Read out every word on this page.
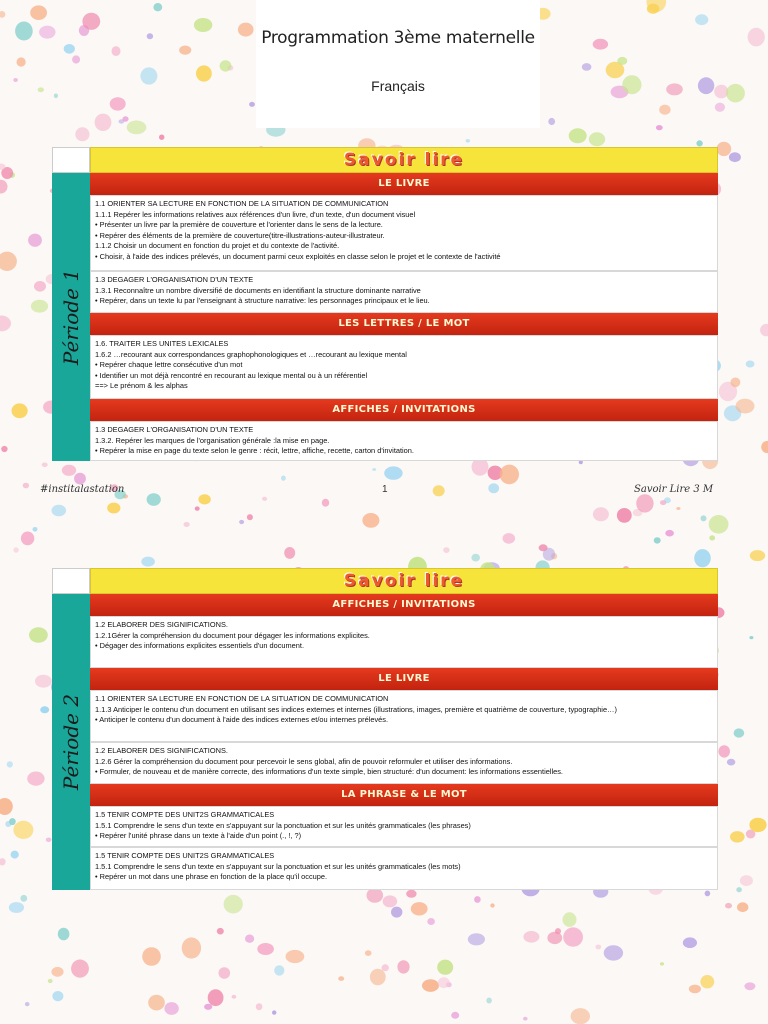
Programmation 3ème maternelle
Français
Savoir lire
Période 1
LE LIVRE
1.1 ORIENTER SA LECTURE EN FONCTION DE LA SITUATION DE COMMUNICATION
1.1.1 Repérer les informations relatives aux références d'un livre, d'un texte, d'un document visuel
• Présenter un livre par la première de couverture et l'orienter dans le sens de la lecture.
• Repérer des éléments de la première de couverture(titre-illustrations-auteur-illustrateur.
1.1.2 Choisir un document en fonction du projet et du contexte de l'activité.
• Choisir, à l'aide des indices prélevés, un document parmi ceux exploités en classe selon le projet et le contexte de l'activité
1.3 DEGAGER L'ORGANISATION D'UN TEXTE
1.3.1 Reconnaître un nombre diversifié de documents en identifiant la structure dominante narrative
• Repérer, dans un texte lu par l'enseignant à structure narrative: les personnages principaux et le lieu.
LES LETTRES / LE MOT
1.6. TRAITER LES UNITES LEXICALES
1.6.2 …recourant aux correspondances graphophonologiques et …recourant au lexique mental
• Repérer chaque lettre consécutive d'un mot
• Identifier un mot déjà rencontré en recourant au lexique mental ou à un référentiel
==> Le prénom & les alphas
AFFICHES / INVITATIONS
1.3 DEGAGER L'ORGANISATION D'UN TEXTE
1.3.2. Repérer les marques de l'organisation générale :la mise en page.
• Repérer la mise en page du texte selon le genre : récit, lettre, affiche, recette, carton d'invitation.
#institalastation	1	Savoir Lire 3 M
Savoir lire
Période 2
AFFICHES / INVITATIONS
1.2 ELABORER DES SIGNIFICATIONS.
1.2.1Gérer la compréhension du document pour dégager les informations explicites.
• Dégager des informations explicites essentiels d'un document.
LE LIVRE
1.1 ORIENTER SA LECTURE EN FONCTION DE LA SITUATION DE COMMUNICATION
1.1.3 Anticiper le contenu d'un document en utilisant ses indices externes et internes (illustrations, images, première et quatrième de couverture, typographie…)
• Anticiper le contenu d'un document à l'aide des indices externes et/ou internes prélevés.
1.2 ELABORER DES SIGNIFICATIONS.
1.2.6 Gérer la compréhension du document pour percevoir le sens global, afin de pouvoir reformuler et utiliser des informations.
• Formuler, de nouveau et de manière correcte, des informations d'un texte simple, bien structuré: d'un document: les informations essentielles.
LA PHRASE & LE MOT
1.5 TENIR COMPTE DES UNIT2S GRAMMATICALES
1.5.1 Comprendre le sens d'un texte en s'appuyant sur la ponctuation et sur les unités grammaticales (les phrases)
• Repérer l'unité phrase dans un texte à l'aide d'un point (., !, ?)
1.5 TENIR COMPTE DES UNIT2S GRAMMATICALES
1.5.1 Comprendre le sens d'un texte en s'appuyant sur la ponctuation et sur les unités grammaticales (les mots)
• Repérer un mot dans une phrase en fonction de la place qu'il occupe.
